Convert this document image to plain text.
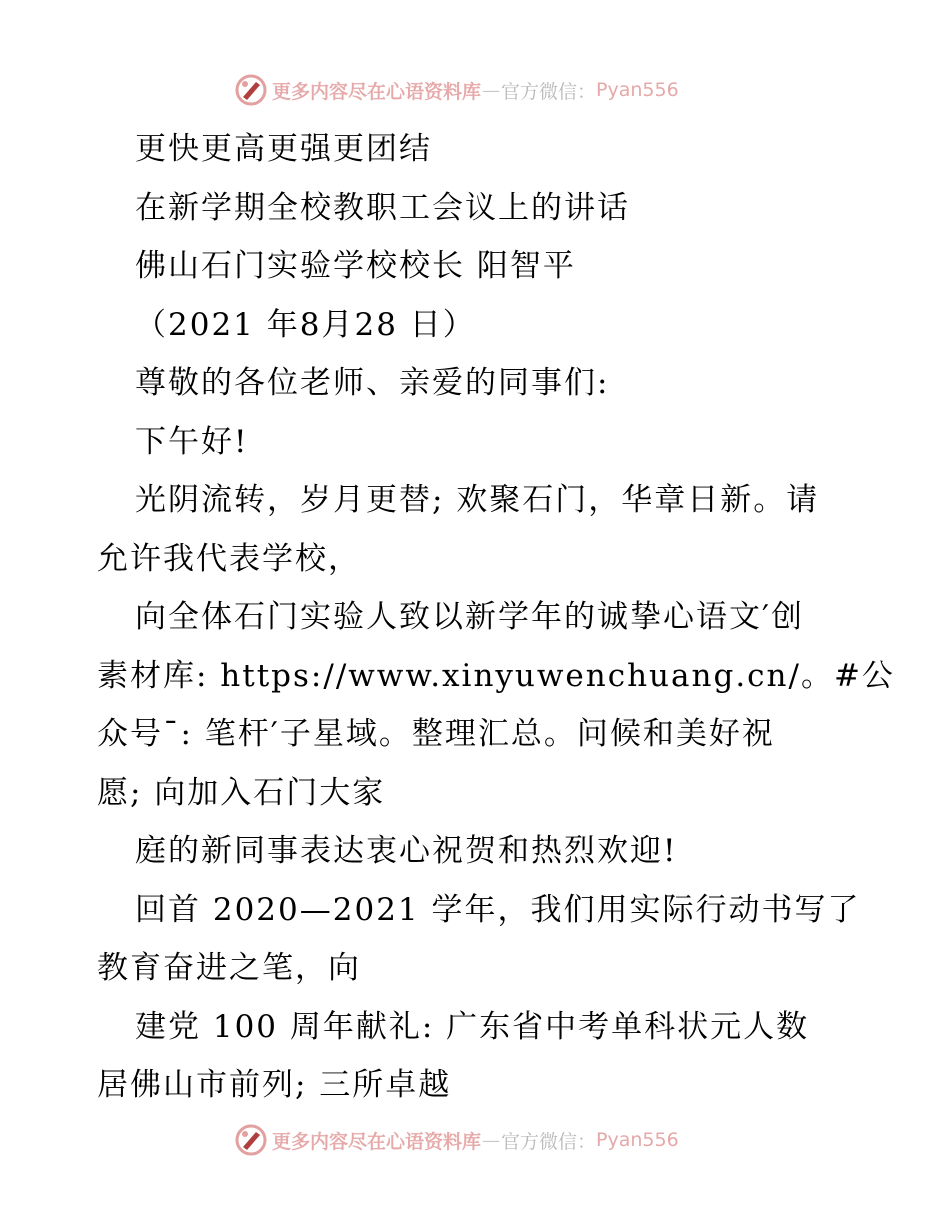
更多内容尽在心语资料库 — 官方微信： Pyan556
更快更高更强更团结
在新学期全校教职工会议上的讲话
佛山石门实验学校校长 阳智平
（2021 年8月28 日）
尊敬的各位老师、亲爱的同事们:
下午好!
光阴流转，岁月更替; 欢聚石门，华章日新。请
允许我代表学校，
向全体石门实验人致以新学年的诚挚心语文′创
素材库: https://www.xinyuwenchuang.cn/。#公
众号¯: 笔杆′子星域。整理汇总。问候和美好祝
愿; 向加入石门大家
庭的新同事表达衷心祝贺和热烈欢迎!
回首 2020—2021 学年，我们用实际行动书写了
教育奋进之笔，向
建党 100 周年献礼: 广东省中考单科状元人数
居佛山市前列; 三所卓越
更多内容尽在心语资料库 — 官方微信： Pyan556
